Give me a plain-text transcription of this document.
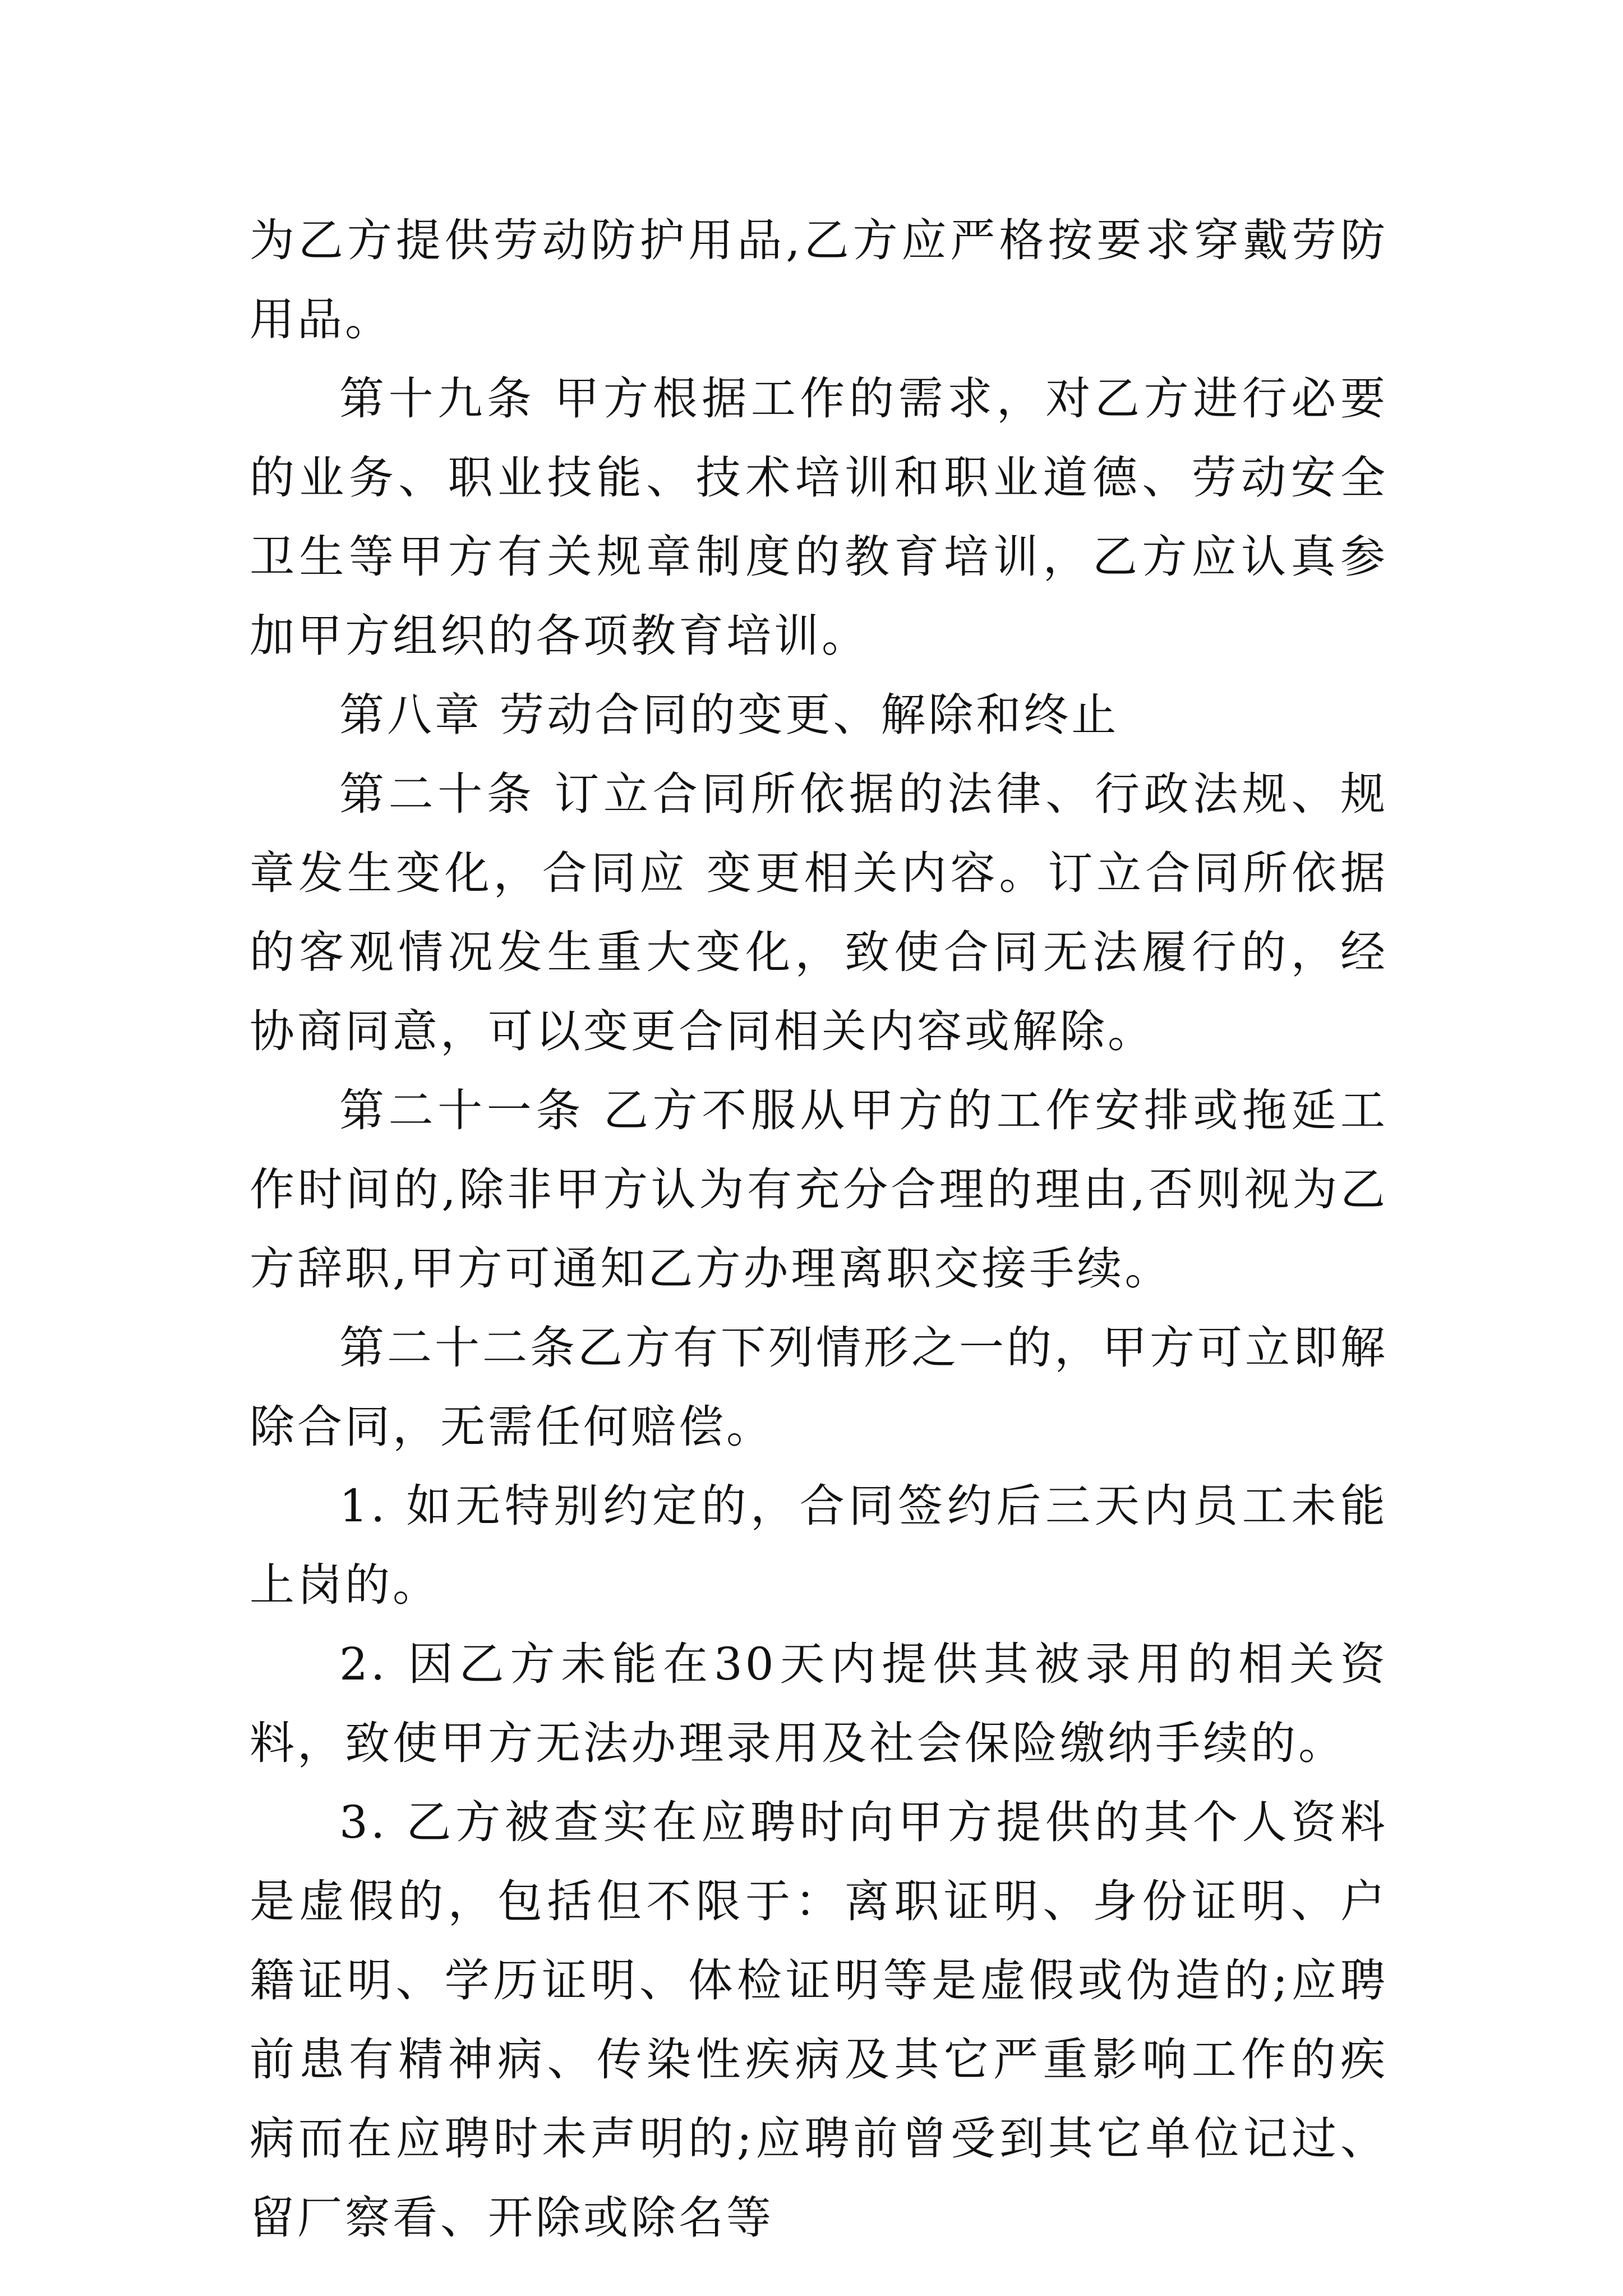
为乙方提供劳动防护用品,乙方应严格按要求穿戴劳防用品。

第十九条 甲方根据工作的需求，对乙方进行必要的业务、职业技能、技术培训和职业道德、劳动安全卫生等甲方有关规章制度的教育培训，乙方应认真参加甲方组织的各项教育培训。

第八章 劳动合同的变更、解除和终止

第二十条 订立合同所依据的法律、行政法规、规章发生变化，合同应 变更相关内容。订立合同所依据的客观情况发生重大变化，致使合同无法履行的，经协商同意，可以变更合同相关内容或解除。

第二十一条 乙方不服从甲方的工作安排或拖延工作时间的,除非甲方认为有充分合理的理由,否则视为乙方辞职,甲方可通知乙方办理离职交接手续。

第二十二条乙方有下列情形之一的，甲方可立即解除合同，无需任何赔偿。

1. 如无特别约定的，合同签约后三天内员工未能上岗的。

2. 因乙方未能在30天内提供其被录用的相关资料，致使甲方无法办理录用及社会保险缴纳手续的。

3. 乙方被查实在应聘时向甲方提供的其个人资料是虚假的，包括但不限于：离职证明、身份证明、户籍证明、学历证明、体检证明等是虚假或伪造的;应聘前患有精神病、传染性疾病及其它严重影响工作的疾病而在应聘时未声明的;应聘前曾受到其它单位记过、留厂察看、开除或除名等
